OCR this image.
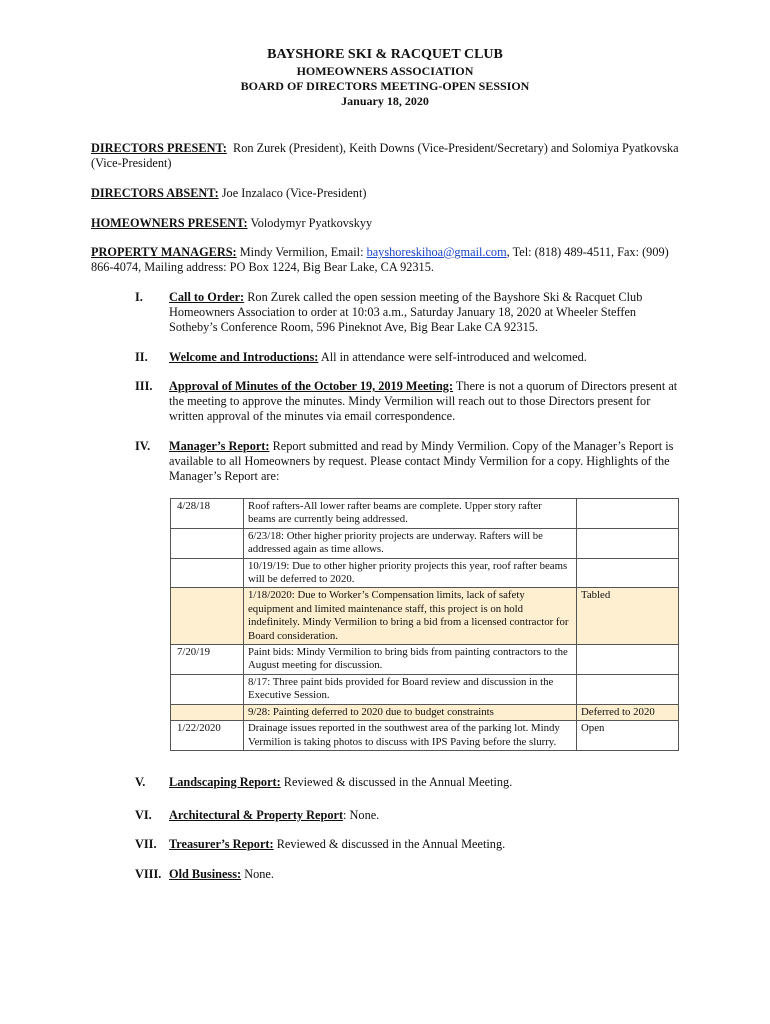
BAYSHORE SKI & RACQUET CLUB
HOMEOWNERS ASSOCIATION
BOARD OF DIRECTORS MEETING-OPEN SESSION
January 18, 2020
DIRECTORS PRESENT: Ron Zurek (President), Keith Downs (Vice-President/Secretary) and Solomiya Pyatkovska (Vice-President)
DIRECTORS ABSENT: Joe Inzalaco (Vice-President)
HOMEOWNERS PRESENT: Volodymyr Pyatkovskyy
PROPERTY MANAGERS: Mindy Vermilion, Email: bayshoreskihoa@gmail.com, Tel: (818) 489-4511, Fax: (909) 866-4074, Mailing address: PO Box 1224, Big Bear Lake, CA 92315.
I. Call to Order: Ron Zurek called the open session meeting of the Bayshore Ski & Racquet Club Homeowners Association to order at 10:03 a.m., Saturday January 18, 2020 at Wheeler Steffen Sotheby’s Conference Room, 596 Pineknot Ave, Big Bear Lake CA 92315.
II. Welcome and Introductions: All in attendance were self-introduced and welcomed.
III. Approval of Minutes of the October 19, 2019 Meeting: There is not a quorum of Directors present at the meeting to approve the minutes. Mindy Vermilion will reach out to those Directors present for written approval of the minutes via email correspondence.
IV. Manager’s Report: Report submitted and read by Mindy Vermilion. Copy of the Manager’s Report is available to all Homeowners by request. Please contact Mindy Vermilion for a copy. Highlights of the Manager’s Report are:
4/28/18	Roof rafters-All lower rafter beams are complete. Upper story rafter beams are currently being addressed.	
	6/23/18: Other higher priority projects are underway. Rafters will be addressed again as time allows.	
	10/19/19: Due to other higher priority projects this year, roof rafter beams will be deferred to 2020.	
	1/18/2020: Due to Worker’s Compensation limits, lack of safety equipment and limited maintenance staff, this project is on hold indefinitely. Mindy Vermilion to bring a bid from a licensed contractor for Board consideration.	Tabled
7/20/19	Paint bids: Mindy Vermilion to bring bids from painting contractors to the August meeting for discussion.	
	8/17: Three paint bids provided for Board review and discussion in the Executive Session.	
	9/28: Painting deferred to 2020 due to budget constraints	Deferred to 2020
1/22/2020	Drainage issues reported in the southwest area of the parking lot. Mindy Vermilion is taking photos to discuss with IPS Paving before the slurry.	Open
V. Landscaping Report: Reviewed & discussed in the Annual Meeting.
VI. Architectural & Property Report: None.
VII. Treasurer’s Report: Reviewed & discussed in the Annual Meeting.
VIII. Old Business: None.
